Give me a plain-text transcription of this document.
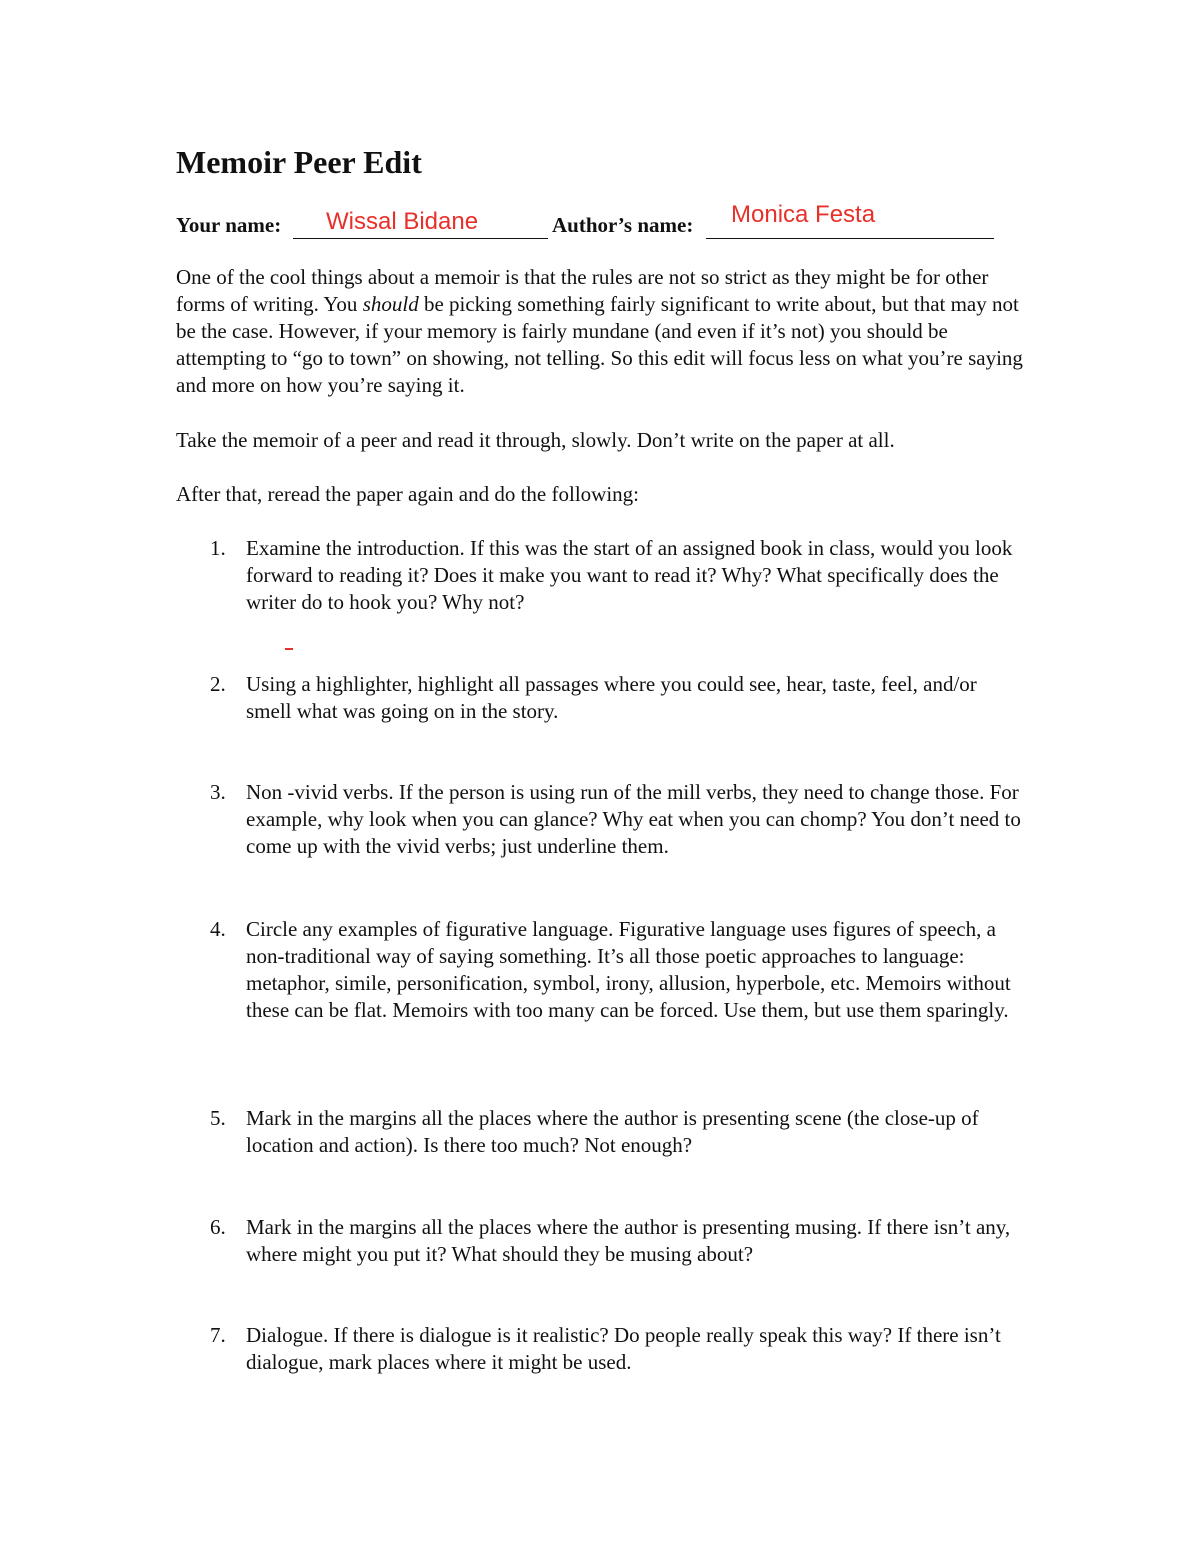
Memoir Peer Edit
Your name: Wissal Bidane	Author’s name: Monica Festa

One of the cool things about a memoir is that the rules are not so strict as they might be for other forms of writing. You should be picking something fairly significant to write about, but that may not be the case. However, if your memory is fairly mundane (and even if it’s not) you should be attempting to “go to town” on showing, not telling. So this edit will focus less on what you’re saying and more on how you’re saying it.

Take the memoir of a peer and read it through, slowly. Don’t write on the paper at all.

After that, reread the paper again and do the following:

1. Examine the introduction. If this was the start of an assigned book in class, would you look forward to reading it? Does it make you want to read it? Why? What specifically does the writer do to hook you? Why not?
2. Using a highlighter, highlight all passages where you could see, hear, taste, feel, and/or smell what was going on in the story.
3. Non -vivid verbs. If the person is using run of the mill verbs, they need to change those. For example, why look when you can glance? Why eat when you can chomp? You don’t need to come up with the vivid verbs; just underline them.
4. Circle any examples of figurative language. Figurative language uses figures of speech, a non-traditional way of saying something. It’s all those poetic approaches to language: metaphor, simile, personification, symbol, irony, allusion, hyperbole, etc. Memoirs without these can be flat. Memoirs with too many can be forced. Use them, but use them sparingly.
5. Mark in the margins all the places where the author is presenting scene (the close-up of location and action). Is there too much? Not enough?
6. Mark in the margins all the places where the author is presenting musing. If there isn’t any, where might you put it? What should they be musing about?
7. Dialogue. If there is dialogue is it realistic? Do people really speak this way? If there isn’t dialogue, mark places where it might be used.
